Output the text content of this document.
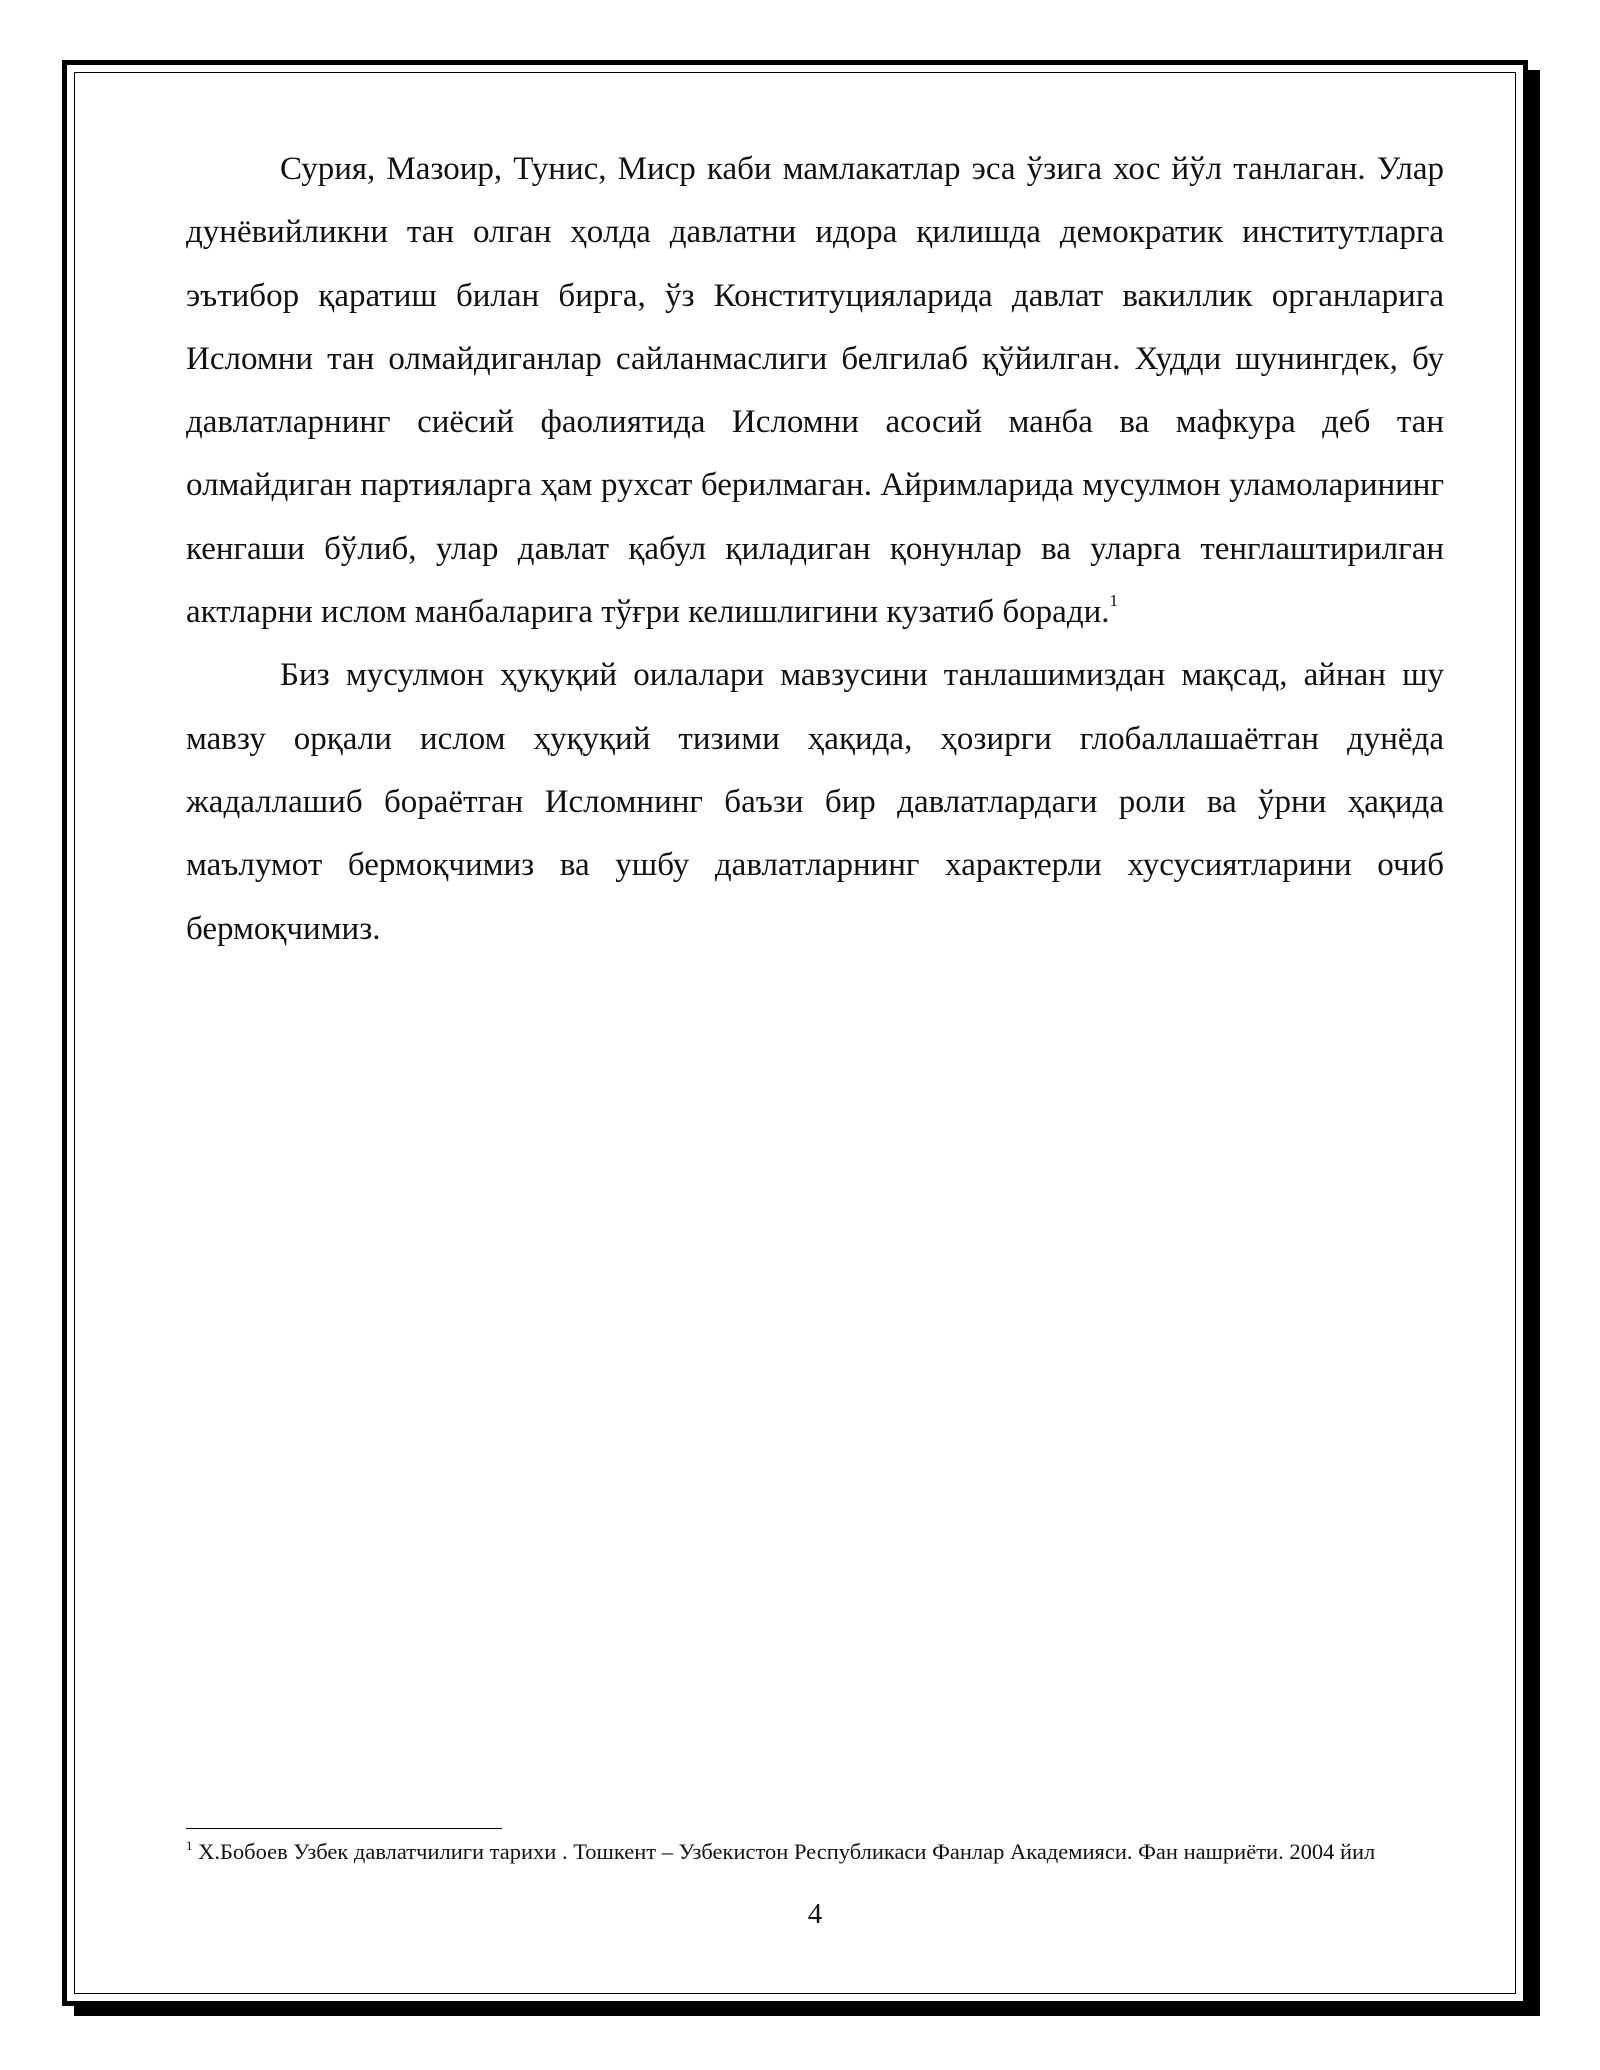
Сурия, Мазоир, Тунис, Миср каби мамлакатлар эса ўзига хос йўл танлаган. Улар дунёвийликни тан олган ҳолда давлатни идора қилишда демократик институтларга эътибор қаратиш билан бирга, ўз Конституцияларида давлат вакиллик органларига Исломни тан олмайдиганлар сайланмаслиги белгилаб қўйилган. Худди шунингдек, бу давлатларнинг сиёсий фаолиятида Исломни асосий манба ва мафкура деб тан олмайдиган партияларга ҳам рухсат берилмаган. Айримларида мусулмон уламоларининг кенгаши бўлиб, улар давлат қабул қиладиган қонунлар ва уларга тенглаштирилган актларни ислом манбаларига тўғри келишлигини кузатиб боради.$^1$

Биз мусулмон ҳуқуқий оилалари мавзусини танлашимиздан мақсад, айнан шу мавзу орқали ислом ҳуқуқий тизими ҳақида, ҳозирги глобаллашаётган дунёда жадаллашиб бораётган Исломнинг баъзи бир давлатлардаги роли ва ўрни ҳақида маълумот бермоқчимиз ва ушбу давлатларнинг характерли хусусиятларини очиб бермоқчимиз.

$^1$ Х.Бобоев Узбек давлатчилиги тарихи . Тошкент – Узбекистон Республикаси Фанлар Академияси. Фан нашриёти. 2004 йил
4
